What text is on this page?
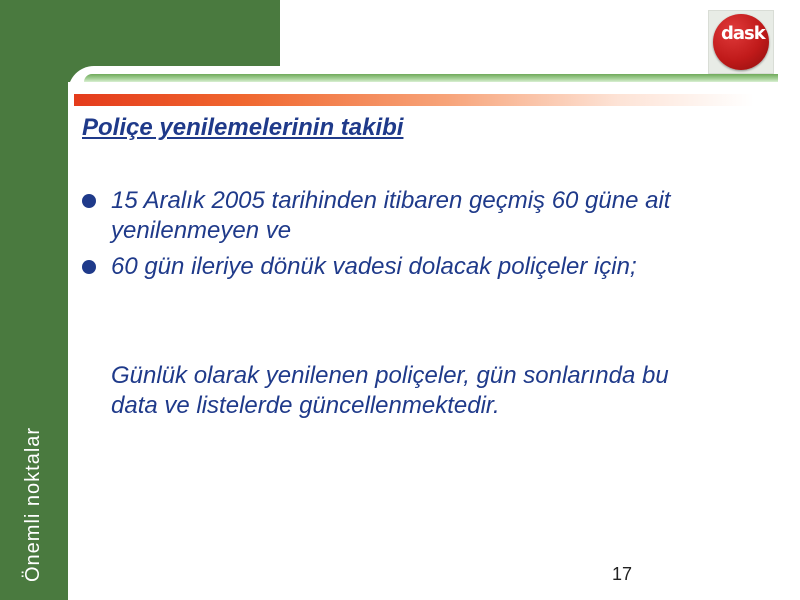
dask
Önemli noktalar
Poliçe yenilemelerinin takibi
15 Aralık 2005 tarihinden itibaren geçmiş 60 güne ait yenilenmeyen ve
60 gün ileriye dönük vadesi dolacak poliçeler için;
Günlük olarak yenilenen poliçeler, gün sonlarında bu data ve listelerde güncellenmektedir.
17
